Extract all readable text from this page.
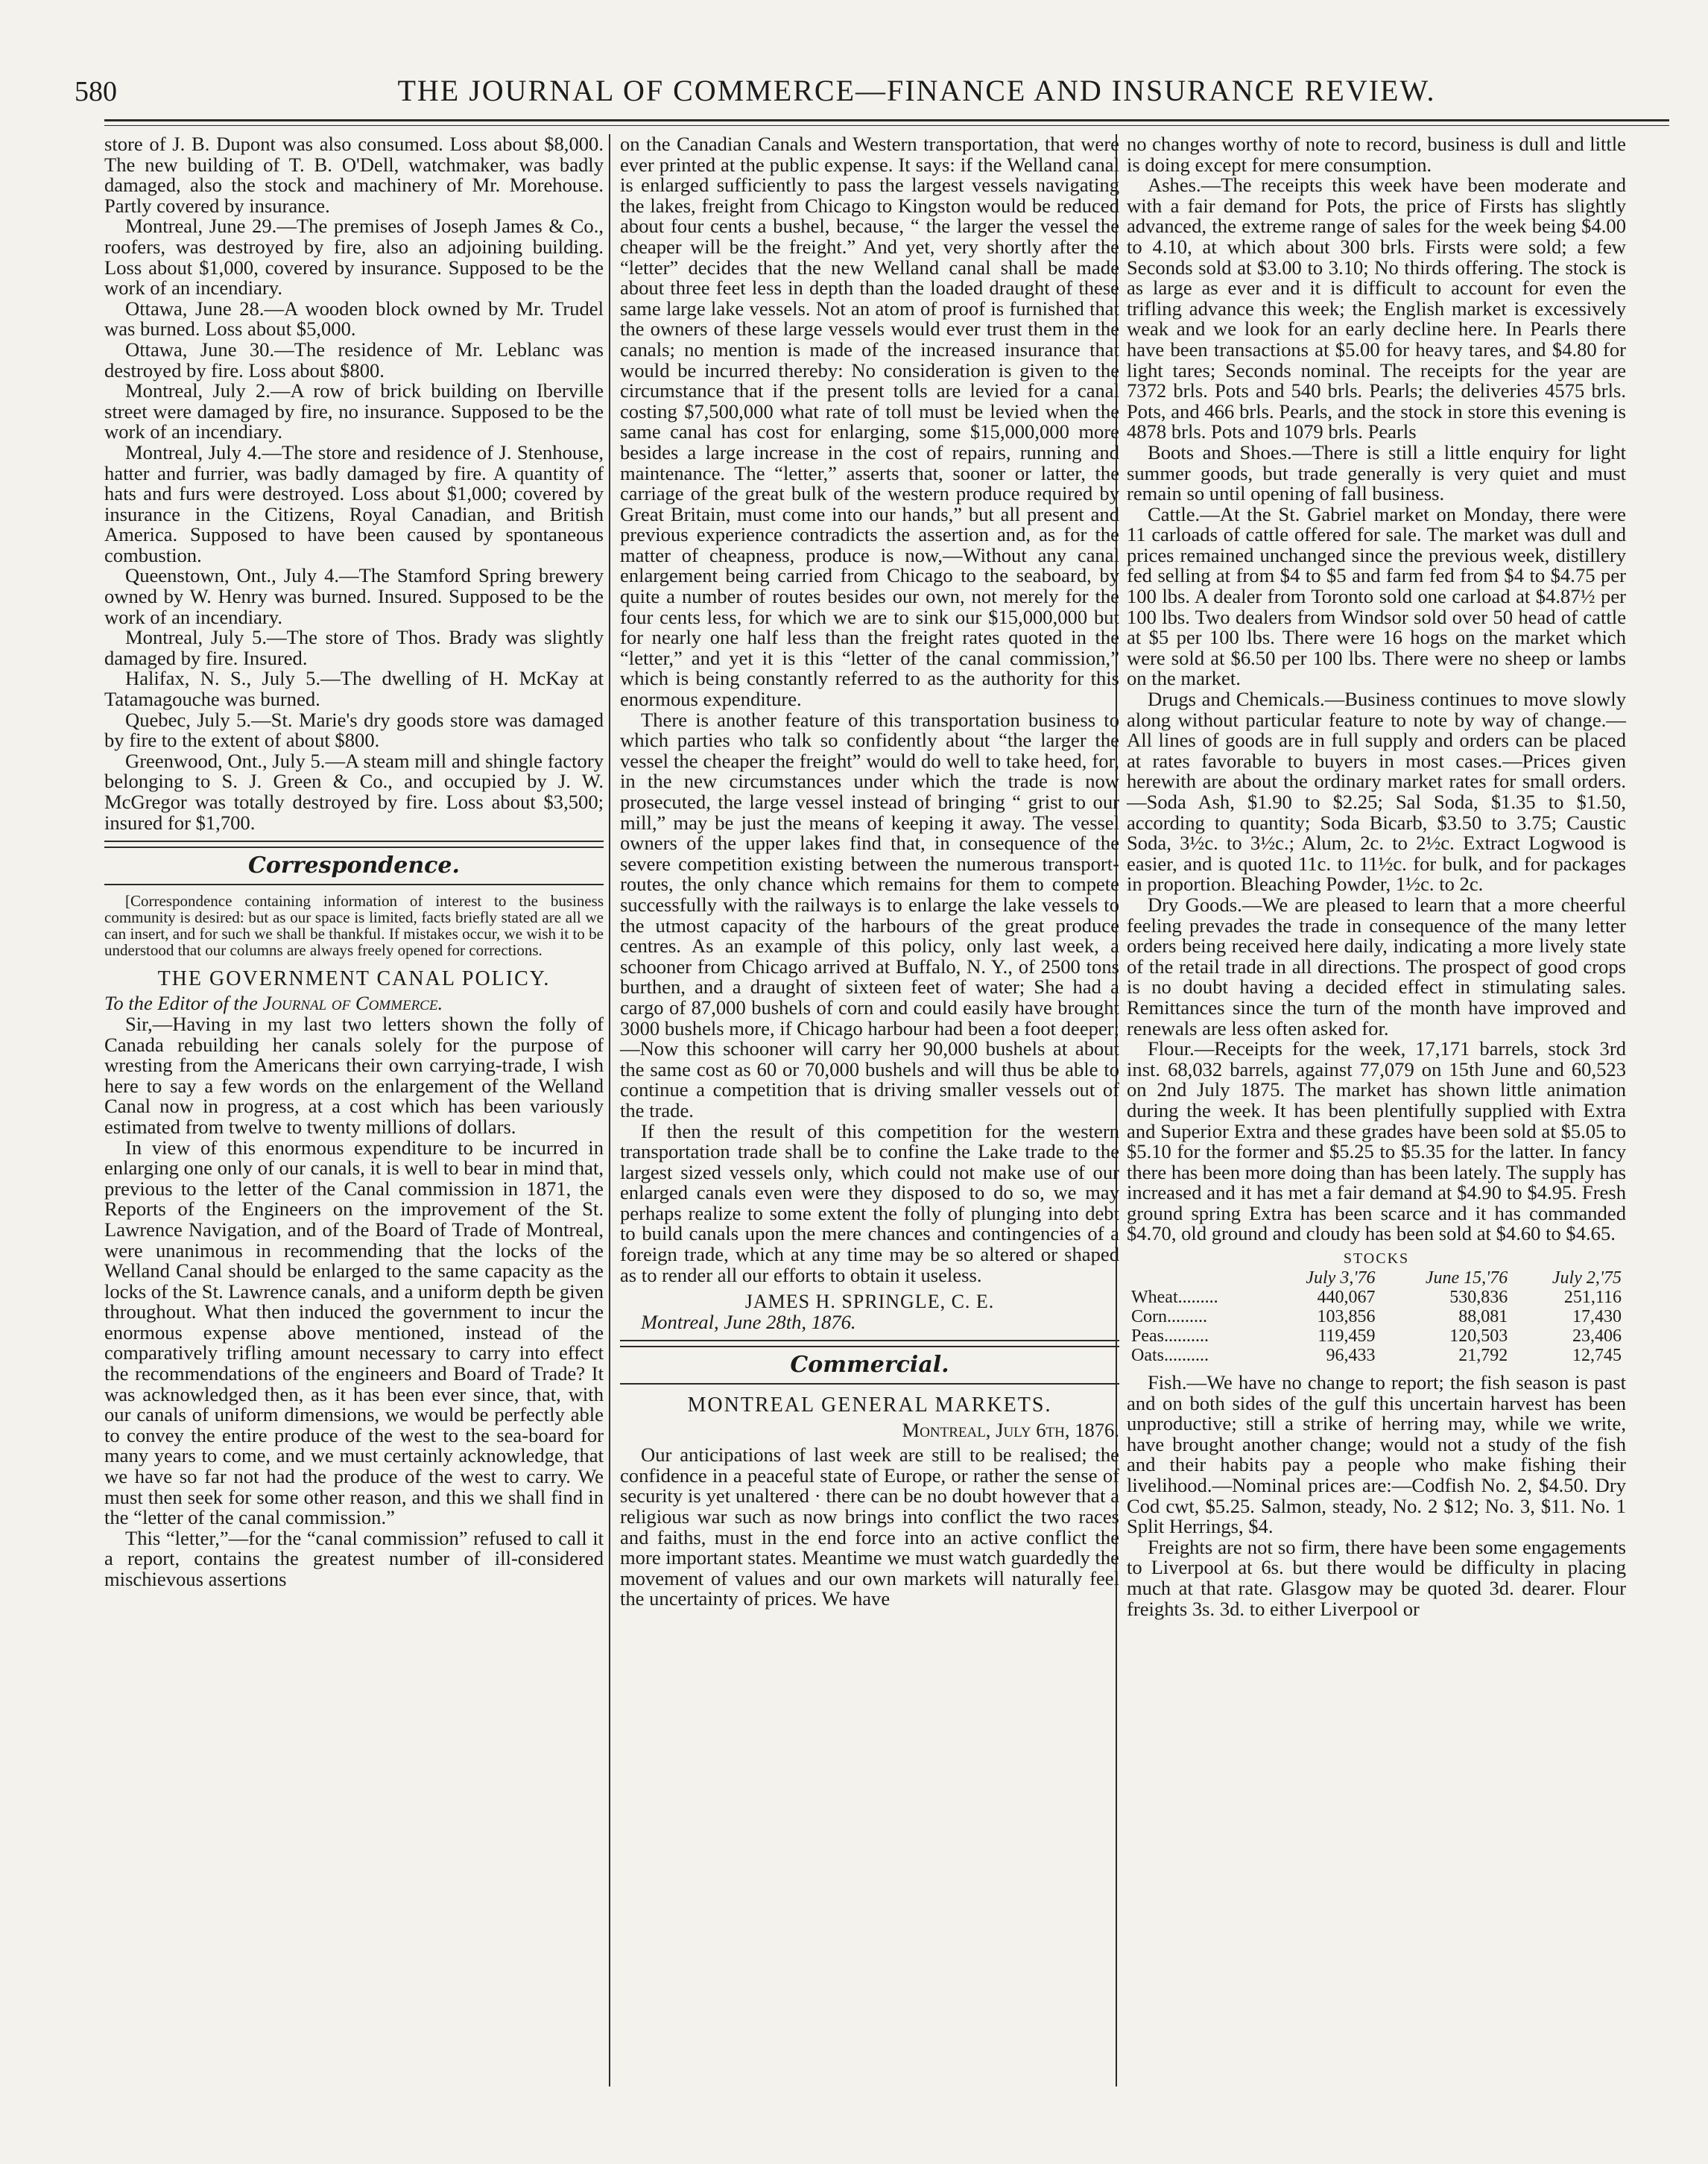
580	THE JOURNAL OF COMMERCE—FINANCE AND INSURANCE REVIEW.

store of J. B. Dupont was also consumed. Loss about $8,000. The new building of T. B. O'Dell, watchmaker, was badly damaged, also the stock and machinery of Mr. Morehouse. Partly covered by insurance.

Montreal, June 29.—The premises of Joseph James & Co., roofers, was destroyed by fire, also an adjoining building. Loss about $1,000, covered by insurance. Supposed to be the work of an incendiary.

Ottawa, June 28.—A wooden block owned by Mr. Trudel was burned. Loss about $5,000.

Ottawa, June 30.—The residence of Mr. Leblanc was destroyed by fire. Loss about $800.

Montreal, July 2.—A row of brick building on Iberville street were damaged by fire, no insurance. Supposed to be the work of an incendiary.

Montreal, July 4.—The store and residence of J. Stenhouse, hatter and furrier, was badly damaged by fire. A quantity of hats and furs were destroyed. Loss about $1,000; covered by insurance in the Citizens, Royal Canadian, and British America. Supposed to have been caused by spontaneous combustion.

Queenstown, Ont., July 4.—The Stamford Spring brewery owned by W. Henry was burned. Insured. Supposed to be the work of an incendiary.

Montreal, July 5.—The store of Thos. Brady was slightly damaged by fire. Insured.

Halifax, N. S., July 5.—The dwelling of H. McKay at Tatamagouche was burned.

Quebec, July 5.—St. Marie's dry goods store was damaged by fire to the extent of about $800.

Greenwood, Ont., July 5.—A steam mill and shingle factory belonging to S. J. Green & Co., and occupied by J. W. McGregor was totally destroyed by fire. Loss about $3,500; insured for $1,700.

Correspondence.

[Correspondence containing information of interest to the business community is desired: but as our space is limited, facts briefly stated are all we can insert, and for such we shall be thankful. If mistakes occur, we wish it to be understood that our columns are always freely opened for corrections.

THE GOVERNMENT CANAL POLICY.

To the Editor of the Journal of Commerce.

Sir,—Having in my last two letters shown the folly of Canada rebuilding her canals solely for the purpose of wresting from the Americans their own carrying-trade, I wish here to say a few words on the enlargement of the Welland Canal now in progress, at a cost which has been variously estimated from twelve to twenty millions of dollars.

In view of this enormous expenditure to be incurred in enlarging one only of our canals, it is well to bear in mind that, previous to the letter of the Canal commission in 1871, the Reports of the Engineers on the improvement of the St. Lawrence Navigation, and of the Board of Trade of Montreal, were unanimous in recommending that the locks of the Welland Canal should be enlarged to the same capacity as the locks of the St. Lawrence canals, and a uniform depth be given throughout. What then induced the government to incur the enormous expense above mentioned, instead of the comparatively trifling amount necessary to carry into effect the recommendations of the engineers and Board of Trade? It was acknowledged then, as it has been ever since, that, with our canals of uniform dimensions, we would be perfectly able to convey the entire produce of the west to the sea-board for many years to come, and we must certainly acknowledge, that we have so far not had the produce of the west to carry. We must then seek for some other reason, and this we shall find in the “letter of the canal commission.”

This “letter,”—for the “canal commission” refused to call it a report, contains the greatest number of ill-considered mischievous assertions

on the Canadian Canals and Western transportation, that were ever printed at the public expense. It says: if the Welland canal is enlarged sufficiently to pass the largest vessels navigating the lakes, freight from Chicago to Kingston would be reduced about four cents a bushel, because, “ the larger the vessel the cheaper will be the freight.” And yet, very shortly after the “letter” decides that the new Welland canal shall be made about three feet less in depth than the loaded draught of these same large lake vessels. Not an atom of proof is furnished that the owners of these large vessels would ever trust them in the canals; no mention is made of the increased insurance that would be incurred thereby: No consideration is given to the circumstance that if the present tolls are levied for a canal costing $7,500,000 what rate of toll must be levied when the same canal has cost for enlarging, some $15,000,000 more besides a large increase in the cost of repairs, running and maintenance. The “letter,” asserts that, sooner or latter, the carriage of the great bulk of the western produce required by Great Britain, must come into our hands,” but all present and previous experience contradicts the assertion and, as for the matter of cheapness, produce is now,—Without any canal enlargement being carried from Chicago to the seaboard, by quite a number of routes besides our own, not merely for the four cents less, for which we are to sink our $15,000,000 but for nearly one half less than the freight rates quoted in the “letter,” and yet it is this “letter of the canal commission,” which is being constantly referred to as the authority for this enormous expenditure.

There is another feature of this transportation business to which parties who talk so confidently about “the larger the vessel the cheaper the freight” would do well to take heed, for, in the new circumstances under which the trade is now prosecuted, the large vessel instead of bringing “ grist to our mill,” may be just the means of keeping it away. The vessel owners of the upper lakes find that, in consequence of the severe competition existing between the numerous transport-routes, the only chance which remains for them to compete successfully with the railways is to enlarge the lake vessels to the utmost capacity of the harbours of the great produce centres. As an example of this policy, only last week, a schooner from Chicago arrived at Buffalo, N. Y., of 2500 tons burthen, and a draught of sixteen feet of water; She had a cargo of 87,000 bushels of corn and could easily have brought 3000 bushels more, if Chicago harbour had been a foot deeper;—Now this schooner will carry her 90,000 bushels at about the same cost as 60 or 70,000 bushels and will thus be able to continue a competition that is driving smaller vessels out of the trade.

If then the result of this competition for the western transportation trade shall be to confine the Lake trade to the largest sized vessels only, which could not make use of our enlarged canals even were they disposed to do so, we may perhaps realize to some extent the folly of plunging into debt to build canals upon the mere chances and contingencies of a foreign trade, which at any time may be so altered or shaped as to render all our efforts to obtain it useless.

JAMES H. SPRINGLE, C. E.

Montreal, June 28th, 1876.

Commercial.
MONTREAL GENERAL MARKETS.
Montreal, July 6th, 1876.

Our anticipations of last week are still to be realised; the confidence in a peaceful state of Europe, or rather the sense of security is yet unaltered · there can be no doubt however that a religious war such as now brings into conflict the two races and faiths, must in the end force into an active conflict the more important states. Meantime we must watch guardedly the movement of values and our own markets will naturally feel the uncertainty of prices. We have

no changes worthy of note to record, business is dull and little is doing except for mere consumption.

Ashes.—The receipts this week have been moderate and with a fair demand for Pots, the price of Firsts has slightly advanced, the extreme range of sales for the week being $4.00 to 4.10, at which about 300 brls. Firsts were sold; a few Seconds sold at $3.00 to 3.10; No thirds offering. The stock is as large as ever and it is difficult to account for even the trifling advance this week; the English market is excessively weak and we look for an early decline here. In Pearls there have been transactions at $5.00 for heavy tares, and $4.80 for light tares; Seconds nominal. The receipts for the year are 7372 brls. Pots and 540 brls. Pearls; the deliveries 4575 brls. Pots, and 466 brls. Pearls, and the stock in store this evening is 4878 brls. Pots and 1079 brls. Pearls

Boots and Shoes.—There is still a little enquiry for light summer goods, but trade generally is very quiet and must remain so until opening of fall business.

Cattle.—At the St. Gabriel market on Monday, there were 11 carloads of cattle offered for sale. The market was dull and prices remained unchanged since the previous week, distillery fed selling at from $4 to $5 and farm fed from $4 to $4.75 per 100 lbs. A dealer from Toronto sold one carload at $4.87½ per 100 lbs. Two dealers from Windsor sold over 50 head of cattle at $5 per 100 lbs. There were 16 hogs on the market which were sold at $6.50 per 100 lbs. There were no sheep or lambs on the market.

Drugs and Chemicals.—Business continues to move slowly along without particular feature to note by way of change.—All lines of goods are in full supply and orders can be placed at rates favorable to buyers in most cases.—Prices given herewith are about the ordinary market rates for small orders.—Soda Ash, $1.90 to $2.25; Sal Soda, $1.35 to $1.50, according to quantity; Soda Bicarb, $3.50 to 3.75; Caustic Soda, 3½c. to 3½c.; Alum, 2c. to 2½c. Extract Logwood is easier, and is quoted 11c. to 11½c. for bulk, and for packages in proportion. Bleaching Powder, 1½c. to 2c.

Dry Goods.—We are pleased to learn that a more cheerful feeling prevades the trade in consequence of the many letter orders being received here daily, indicating a more lively state of the retail trade in all directions. The prospect of good crops is no doubt having a decided effect in stimulating sales. Remittances since the turn of the month have improved and renewals are less often asked for.

Flour.—Receipts for the week, 17,171 barrels, stock 3rd inst. 68,032 barrels, against 77,079 on 15th June and 60,523 on 2nd July 1875. The market has shown little animation during the week. It has been plentifully supplied with Extra and Superior Extra and these grades have been sold at $5.05 to $5.10 for the former and $5.25 to $5.35 for the latter. In fancy there has been more doing than has been lately. The supply has increased and it has met a fair demand at $4.90 to $4.95. Fresh ground spring Extra has been scarce and it has commanded $4.70, old ground and cloudy has been sold at $4.60 to $4.65.

STOCKS			
	July 3,'76	June 15,'76	July 2,'75
Wheat.........	440,067	530,836	251,116
Corn.........	103,856	88,081	17,430
Peas..........	119,459	120,503	23,406
Oats..........	96,433	21,792	12,745

Fish.—We have no change to report; the fish season is past and on both sides of the gulf this uncertain harvest has been unproductive; still a strike of herring may, while we write, have brought another change; would not a study of the fish and their habits pay a people who make fishing their livelihood.—Nominal prices are:—Codfish No. 2, $4.50. Dry Cod cwt, $5.25. Salmon, steady, No. 2 $12; No. 3, $11. No. 1 Split Herrings, $4.

Freights are not so firm, there have been some engagements to Liverpool at 6s. but there would be difficulty in placing much at that rate. Glasgow may be quoted 3d. dearer. Flour freights 3s. 3d. to either Liverpool or
